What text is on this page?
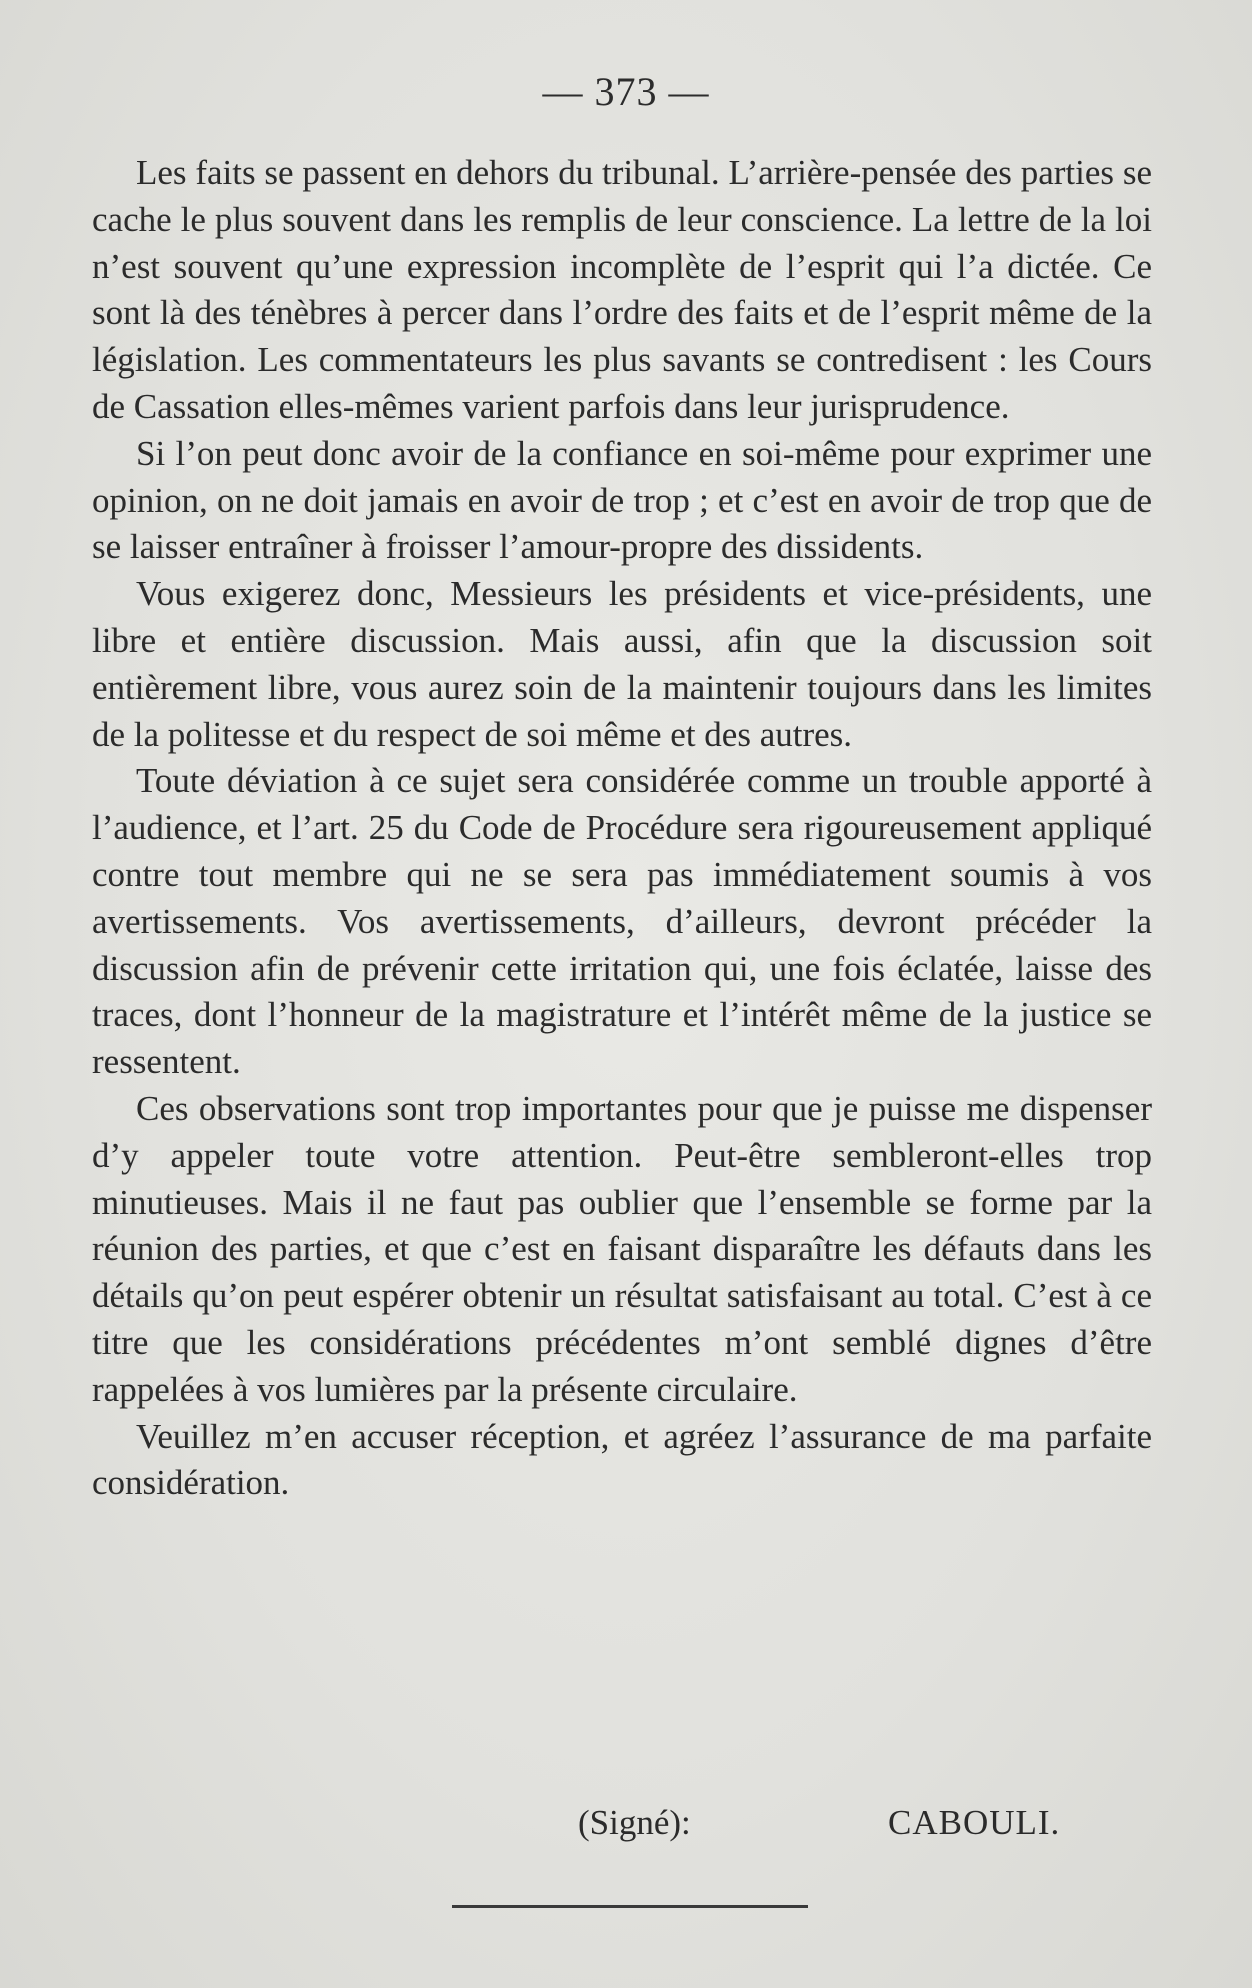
— 373 —

Les faits se passent en dehors du tribunal. L’arrière-pensée des parties se cache le plus souvent dans les remplis de leur conscience. La lettre de la loi n’est souvent qu’une expression incomplète de l’esprit qui l’a dictée. Ce sont là des ténèbres à percer dans l’ordre des faits et de l’esprit même de la législation. Les commentateurs les plus savants se contredisent : les Cours de Cassation elles-mêmes varient parfois dans leur jurisprudence.

Si l’on peut donc avoir de la confiance en soi-même pour exprimer une opinion, on ne doit jamais en avoir de trop ; et c’est en avoir de trop que de se laisser entraîner à froisser l’amour-propre des dissidents.

Vous exigerez donc, Messieurs les présidents et vice-présidents, une libre et entière discussion. Mais aussi, afin que la discussion soit entièrement libre, vous aurez soin de la maintenir toujours dans les limites de la politesse et du respect de soi même et des autres.

Toute déviation à ce sujet sera considérée comme un trouble apporté à l’audience, et l’art. 25 du Code de Procédure sera rigoureusement appliqué contre tout membre qui ne se sera pas immédiatement soumis à vos avertissements. Vos avertissements, d’ailleurs, devront précéder la discussion afin de prévenir cette irritation qui, une fois éclatée, laisse des traces, dont l’honneur de la magistrature et l’intérêt même de la justice se ressentent.

Ces observations sont trop importantes pour que je puisse me dispenser d’y appeler toute votre attention. Peut-être sembleront-elles trop minutieuses. Mais il ne faut pas oublier que l’ensemble se forme par la réunion des parties, et que c’est en faisant disparaître les défauts dans les détails qu’on peut espérer obtenir un résultat satisfaisant au total. C’est à ce titre que les considérations précédentes m’ont semblé dignes d’être rappelées à vos lumières par la présente circulaire.

Veuillez m’en accuser réception, et agréez l’assurance de ma parfaite considération.

(Signé):	CABOULI.
